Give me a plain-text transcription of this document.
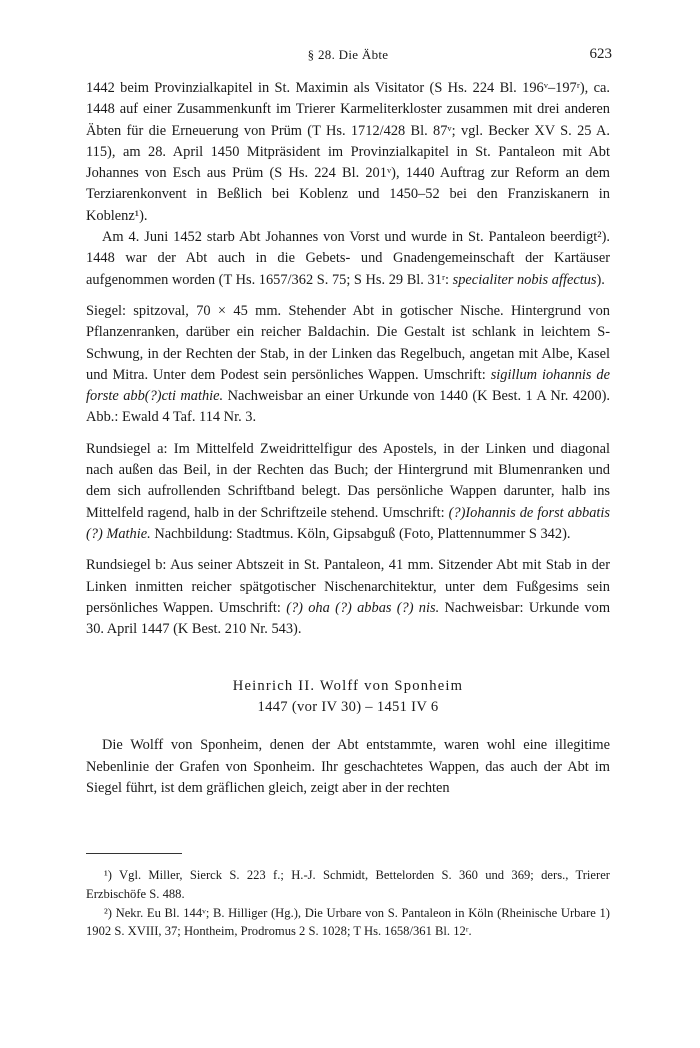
§ 28. Die Äbte	623

1442 beim Provinzialkapitel in St. Maximin als Visitator (S Hs. 224 Bl. 196ᵛ–197ʳ), ca. 1448 auf einer Zusammenkunft im Trierer Karmeliterkloster zusammen mit drei anderen Äbten für die Erneuerung von Prüm (T Hs. 1712/428 Bl. 87ᵛ; vgl. Becker XV S. 25 A. 115), am 28. April 1450 Mitpräsident im Provinzialkapitel in St. Pantaleon mit Abt Johannes von Esch aus Prüm (S Hs. 224 Bl. 201ᵛ), 1440 Auftrag zur Reform an dem Terziarenkonvent in Beßlich bei Koblenz und 1450–52 bei den Franziskanern in Koblenz¹).

Am 4. Juni 1452 starb Abt Johannes von Vorst und wurde in St. Pantaleon beerdigt²). 1448 war der Abt auch in die Gebets- und Gnadengemeinschaft der Kartäuser aufgenommen worden (T Hs. 1657/362 S. 75; S Hs. 29 Bl. 31ʳ: specialiter nobis affectus).

Siegel: spitzoval, 70 × 45 mm. Stehender Abt in gotischer Nische. Hintergrund von Pflanzenranken, darüber ein reicher Baldachin. Die Gestalt ist schlank in leichtem S-Schwung, in der Rechten der Stab, in der Linken das Regelbuch, angetan mit Albe, Kasel und Mitra. Unter dem Podest sein persönliches Wappen. Umschrift: sigillum iohannis de forste abb(?)cti mathie. Nachweisbar an einer Urkunde von 1440 (K Best. 1 A Nr. 4200). Abb.: Ewald 4 Taf. 114 Nr. 3.

Rundsiegel a: Im Mittelfeld Zweidrittelfigur des Apostels, in der Linken und diagonal nach außen das Beil, in der Rechten das Buch; der Hintergrund mit Blumenranken und dem sich aufrollenden Schriftband belegt. Das persönliche Wappen darunter, halb ins Mittelfeld ragend, halb in der Schriftzeile stehend. Umschrift: (?)Iohannis de forst abbatis (?) Mathie. Nachbildung: Stadtmus. Köln, Gipsabguß (Foto, Plattennummer S 342).

Rundsiegel b: Aus seiner Abtszeit in St. Pantaleon, 41 mm. Sitzender Abt mit Stab in der Linken inmitten reicher spätgotischer Nischenarchitektur, unter dem Fußgesims sein persönliches Wappen. Umschrift: (?) oha (?) abbas (?) nis. Nachweisbar: Urkunde vom 30. April 1447 (K Best. 210 Nr. 543).

Heinrich II. Wolff von Sponheim

1447 (vor IV 30) – 1451 IV 6

Die Wolff von Sponheim, denen der Abt entstammte, waren wohl eine illegitime Nebenlinie der Grafen von Sponheim. Ihr geschachtetes Wappen, das auch der Abt im Siegel führt, ist dem gräflichen gleich, zeigt aber in der rechten

¹) Vgl. Miller, Sierck S. 223 f.; H.-J. Schmidt, Bettelorden S. 360 und 369; ders., Trierer Erzbischöfe S. 488.

²) Nekr. Eu Bl. 144ᵛ; B. Hilliger (Hg.), Die Urbare von S. Pantaleon in Köln (Rheinische Urbare 1) 1902 S. XVIII, 37; Hontheim, Prodromus 2 S. 1028; T Hs. 1658/361 Bl. 12ʳ.
